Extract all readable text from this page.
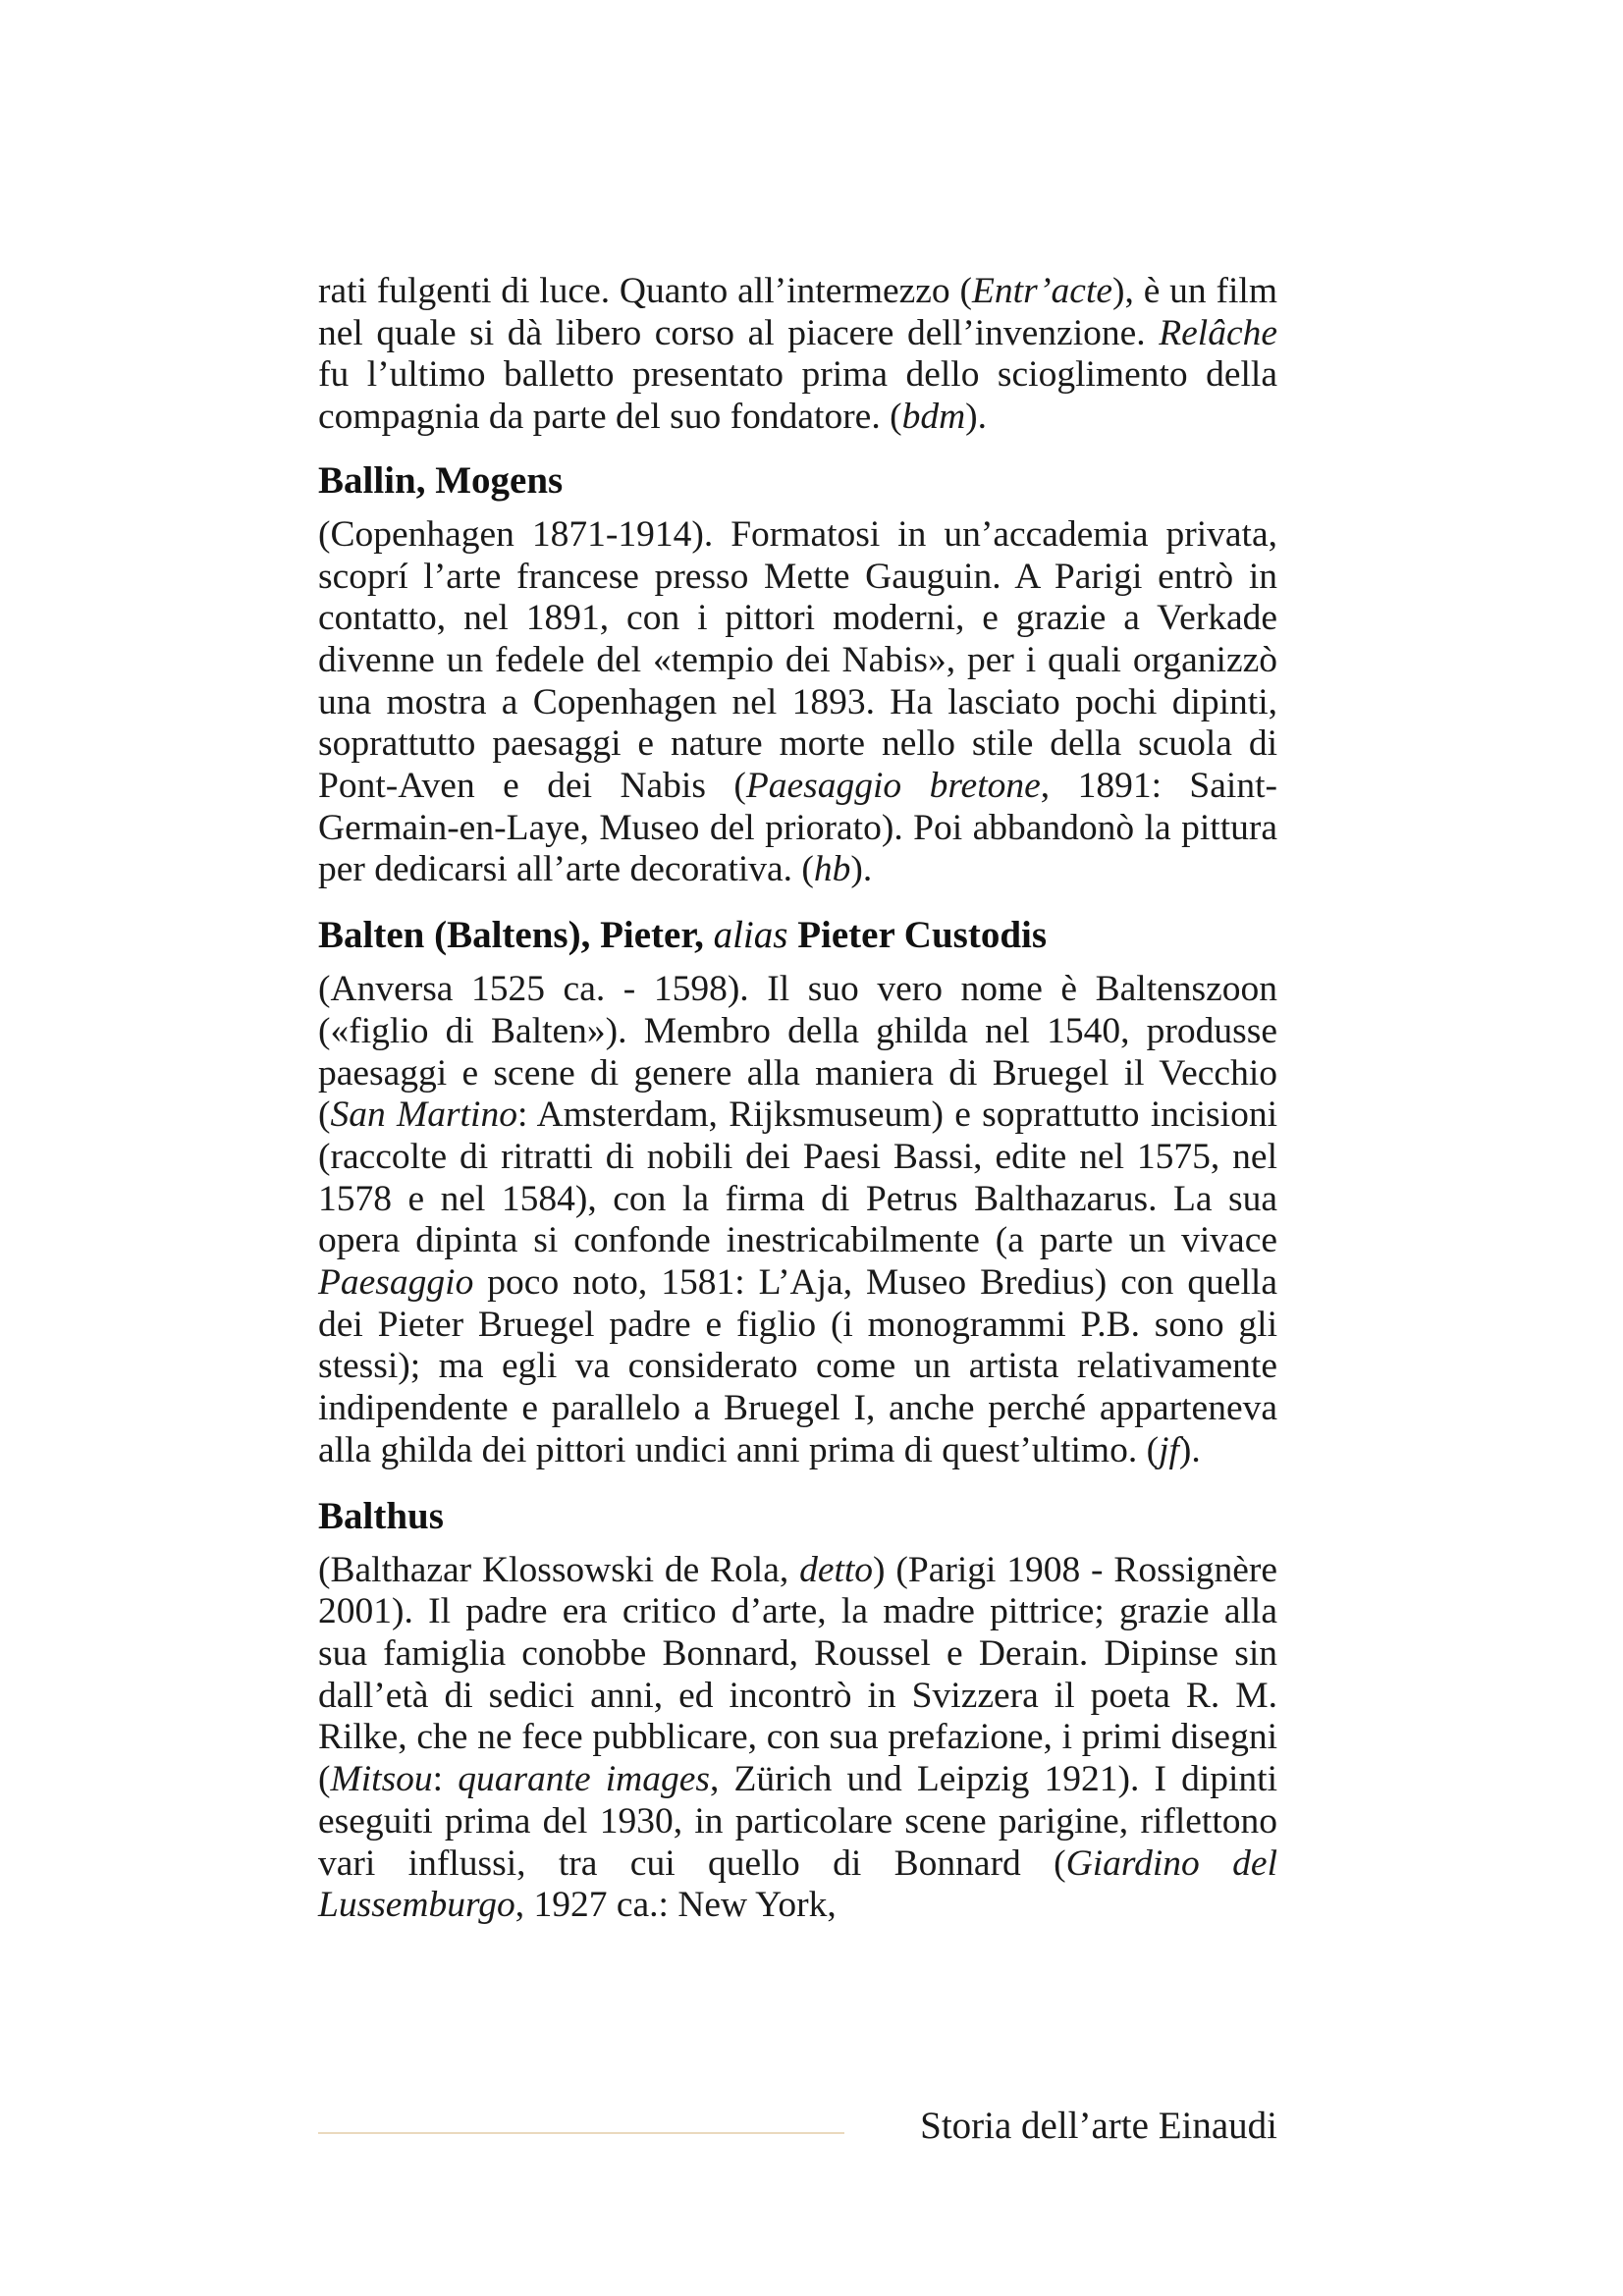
rati fulgenti di luce. Quanto all’intermezzo (Entr’acte), è un film nel quale si dà libero corso al piacere dell’invenzione. Relâche fu l’ultimo balletto presentato prima dello scioglimento della compagnia da parte del suo fondatore. (bdm).

Ballin, Mogens

(Copenhagen 1871-1914). Formatosi in un’accademia privata, scoprí l’arte francese presso Mette Gauguin. A Parigi entrò in contatto, nel 1891, con i pittori moderni, e grazie a Verkade divenne un fedele del «tempio dei Nabis», per i quali organizzò una mostra a Copenhagen nel 1893. Ha lasciato pochi dipinti, soprattutto paesaggi e nature morte nello stile della scuola di Pont-Aven e dei Nabis (Paesaggio bretone, 1891: Saint-Germain-en-Laye, Museo del priorato). Poi abbandonò la pittura per dedicarsi all’arte decorativa. (hb).

Balten (Baltens), Pieter, alias Pieter Custodis

(Anversa 1525 ca. - 1598). Il suo vero nome è Baltenszoon («figlio di Balten»). Membro della ghilda nel 1540, produsse paesaggi e scene di genere alla maniera di Bruegel il Vecchio (San Martino: Amsterdam, Rijksmuseum) e soprattutto incisioni (raccolte di ritratti di nobili dei Paesi Bassi, edite nel 1575, nel 1578 e nel 1584), con la firma di Petrus Balthazarus. La sua opera dipinta si confonde inestricabilmente (a parte un vivace Paesaggio poco noto, 1581: L’Aja, Museo Bredius) con quella dei Pieter Bruegel padre e figlio (i monogrammi P.B. sono gli stessi); ma egli va considerato come un artista relativamente indipendente e parallelo a Bruegel I, anche perché apparteneva alla ghilda dei pittori undici anni prima di quest’ultimo. (jf).

Balthus

(Balthazar Klossowski de Rola, detto) (Parigi 1908 - Rossignère 2001). Il padre era critico d’arte, la madre pittrice; grazie alla sua famiglia conobbe Bonnard, Roussel e Derain. Dipinse sin dall’età di sedici anni, ed incontrò in Svizzera il poeta R. M. Rilke, che ne fece pubblicare, con sua prefazione, i primi disegni (Mitsou: quarante images, Zürich und Leipzig 1921). I dipinti eseguiti prima del 1930, in particolare scene parigine, riflettono vari influssi, tra cui quello di Bonnard (Giardino del Lussemburgo, 1927 ca.: New York,

Storia dell’arte Einaudi
